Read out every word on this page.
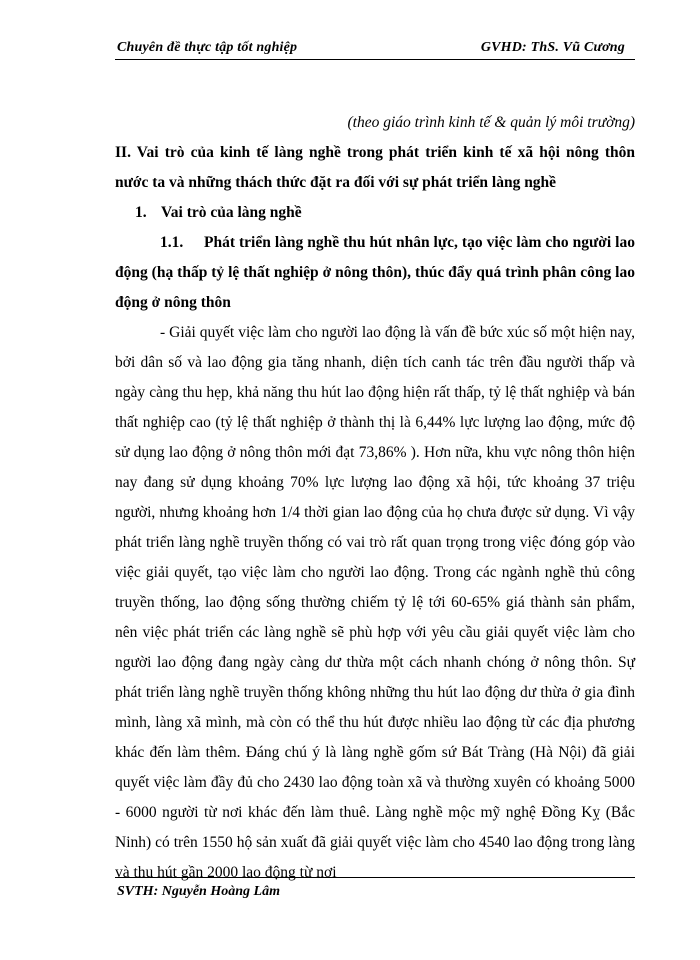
Chuyên đề thực tập tốt nghiệp	GVHD: ThS. Vũ Cương

(theo giáo trình kinh tế & quản lý môi trường)

II. Vai trò của kinh tế làng nghề trong phát triển kinh tế xã hội nông thôn nước ta và những thách thức đặt ra đối với sự phát triển làng nghề

1. Vai trò của làng nghề

1.1. Phát triển làng nghề thu hút nhân lực, tạo việc làm cho người lao động (hạ thấp tỷ lệ thất nghiệp ở nông thôn), thúc đẩy quá trình phân công lao động ở nông thôn

- Giải quyết việc làm cho người lao động là vấn đề bức xúc số một hiện nay, bởi dân số và lao động gia tăng nhanh, diện tích canh tác trên đầu người thấp và ngày càng thu hẹp, khả năng thu hút lao động hiện rất thấp, tỷ lệ thất nghiệp và bán thất nghiệp cao (tỷ lệ thất nghiệp ở thành thị là 6,44% lực lượng lao động, mức độ sử dụng lao động ở nông thôn mới đạt 73,86% ). Hơn nữa, khu vực nông thôn hiện nay đang sử dụng khoảng 70% lực lượng lao động xã hội, tức khoảng 37 triệu người, nhưng khoảng hơn 1/4 thời gian lao động của họ chưa được sử dụng. Vì vậy phát triển làng nghề truyền thống có vai trò rất quan trọng trong việc đóng góp vào việc giải quyết, tạo việc làm cho người lao động. Trong các ngành nghề thủ công truyền thống, lao động sống thường chiếm tỷ lệ tới 60-65% giá thành sản phẩm, nên việc phát triển các làng nghề sẽ phù hợp với yêu cầu giải quyết việc làm cho người lao động đang ngày càng dư thừa một cách nhanh chóng ở nông thôn. Sự phát triển làng nghề truyền thống không những thu hút lao động dư thừa ở gia đình mình, làng xã mình, mà còn có thể thu hút được nhiều lao động từ các địa phương khác đến làm thêm. Đáng chú ý là làng nghề gốm sứ Bát Tràng (Hà Nội) đã giải quyết việc làm đầy đủ cho 2430 lao động toàn xã và thường xuyên có khoảng 5000 - 6000 người từ nơi khác đến làm thuê. Làng nghề mộc mỹ nghệ Đồng Kỵ (Bắc Ninh) có trên 1550 hộ sản xuất đã giải quyết việc làm cho 4540 lao động trong làng và thu hút gần 2000 lao động từ nơi

SVTH: Nguyễn Hoàng Lâm
